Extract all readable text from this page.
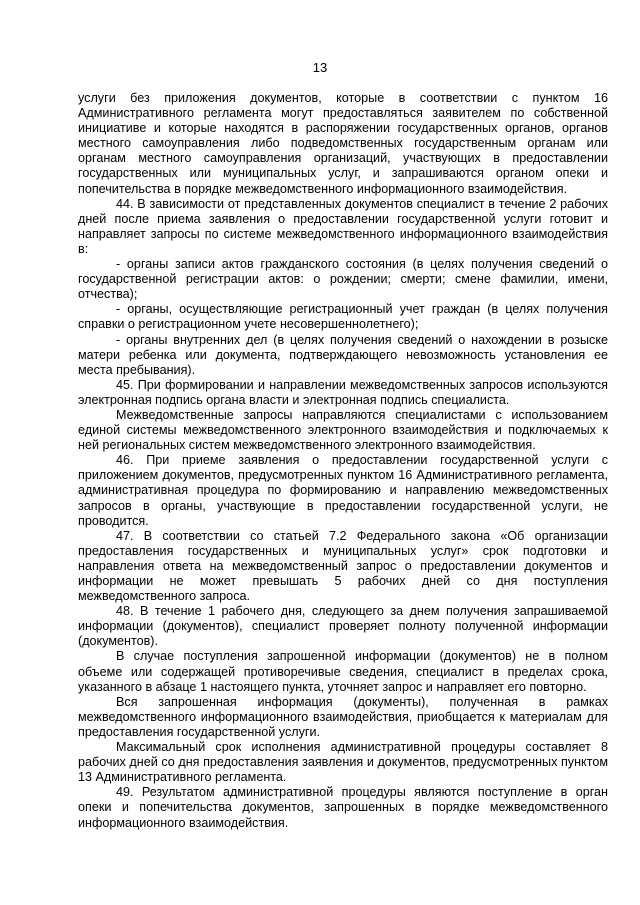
13

услуги без приложения документов, которые в соответствии с пунктом 16 Административного регламента могут предоставляться заявителем по собственной инициативе и которые находятся в распоряжении государственных органов, органов местного самоуправления либо подведомственных государственным органам или органам местного самоуправления организаций, участвующих в предоставлении государственных или муниципальных услуг, и запрашиваются органом опеки и попечительства в порядке межведомственного информационного взаимодействия.

44. В зависимости от представленных документов специалист в течение 2 рабочих дней после приема заявления о предоставлении государственной услуги готовит и направляет запросы по системе межведомственного информационного взаимодействия в:

- органы записи актов гражданского состояния (в целях получения сведений о государственной регистрации актов: о рождении; смерти; смене фамилии, имени, отчества);

- органы, осуществляющие регистрационный учет граждан (в целях получения справки о регистрационном учете несовершеннолетнего);

- органы внутренних дел (в целях получения сведений о нахождении в розыске матери ребенка или документа, подтверждающего невозможность установления ее места пребывания).

45. При формировании и направлении межведомственных запросов используются электронная подпись органа власти и электронная подпись специалиста.

Межведомственные запросы направляются специалистами с использованием единой системы межведомственного электронного взаимодействия и подключаемых к ней региональных систем межведомственного электронного взаимодействия.

46. При приеме заявления о предоставлении государственной услуги с приложением документов, предусмотренных пунктом 16 Административного регламента, административная процедура по формированию и направлению межведомственных запросов в органы, участвующие в предоставлении государственной услуги, не проводится.

47. В соответствии со статьей 7.2 Федерального закона «Об организации предоставления государственных и муниципальных услуг» срок подготовки и направления ответа на межведомственный запрос о предоставлении документов и информации не может превышать 5 рабочих дней со дня поступления межведомственного запроса.

48. В течение 1 рабочего дня, следующего за днем получения запрашиваемой информации (документов), специалист проверяет полноту полученной информации (документов).

В случае поступления запрошенной информации (документов) не в полном объеме или содержащей противоречивые сведения, специалист в пределах срока, указанного в абзаце 1 настоящего пункта, уточняет запрос и направляет его повторно.

Вся запрошенная информация (документы), полученная в рамках межведомственного информационного взаимодействия, приобщается к материалам для предоставления государственной услуги.

Максимальный срок исполнения административной процедуры составляет 8 рабочих дней со дня предоставления заявления и документов, предусмотренных пунктом 13 Административного регламента.

49. Результатом административной процедуры являются поступление в орган опеки и попечительства документов, запрошенных в порядке межведомственного информационного взаимодействия.
